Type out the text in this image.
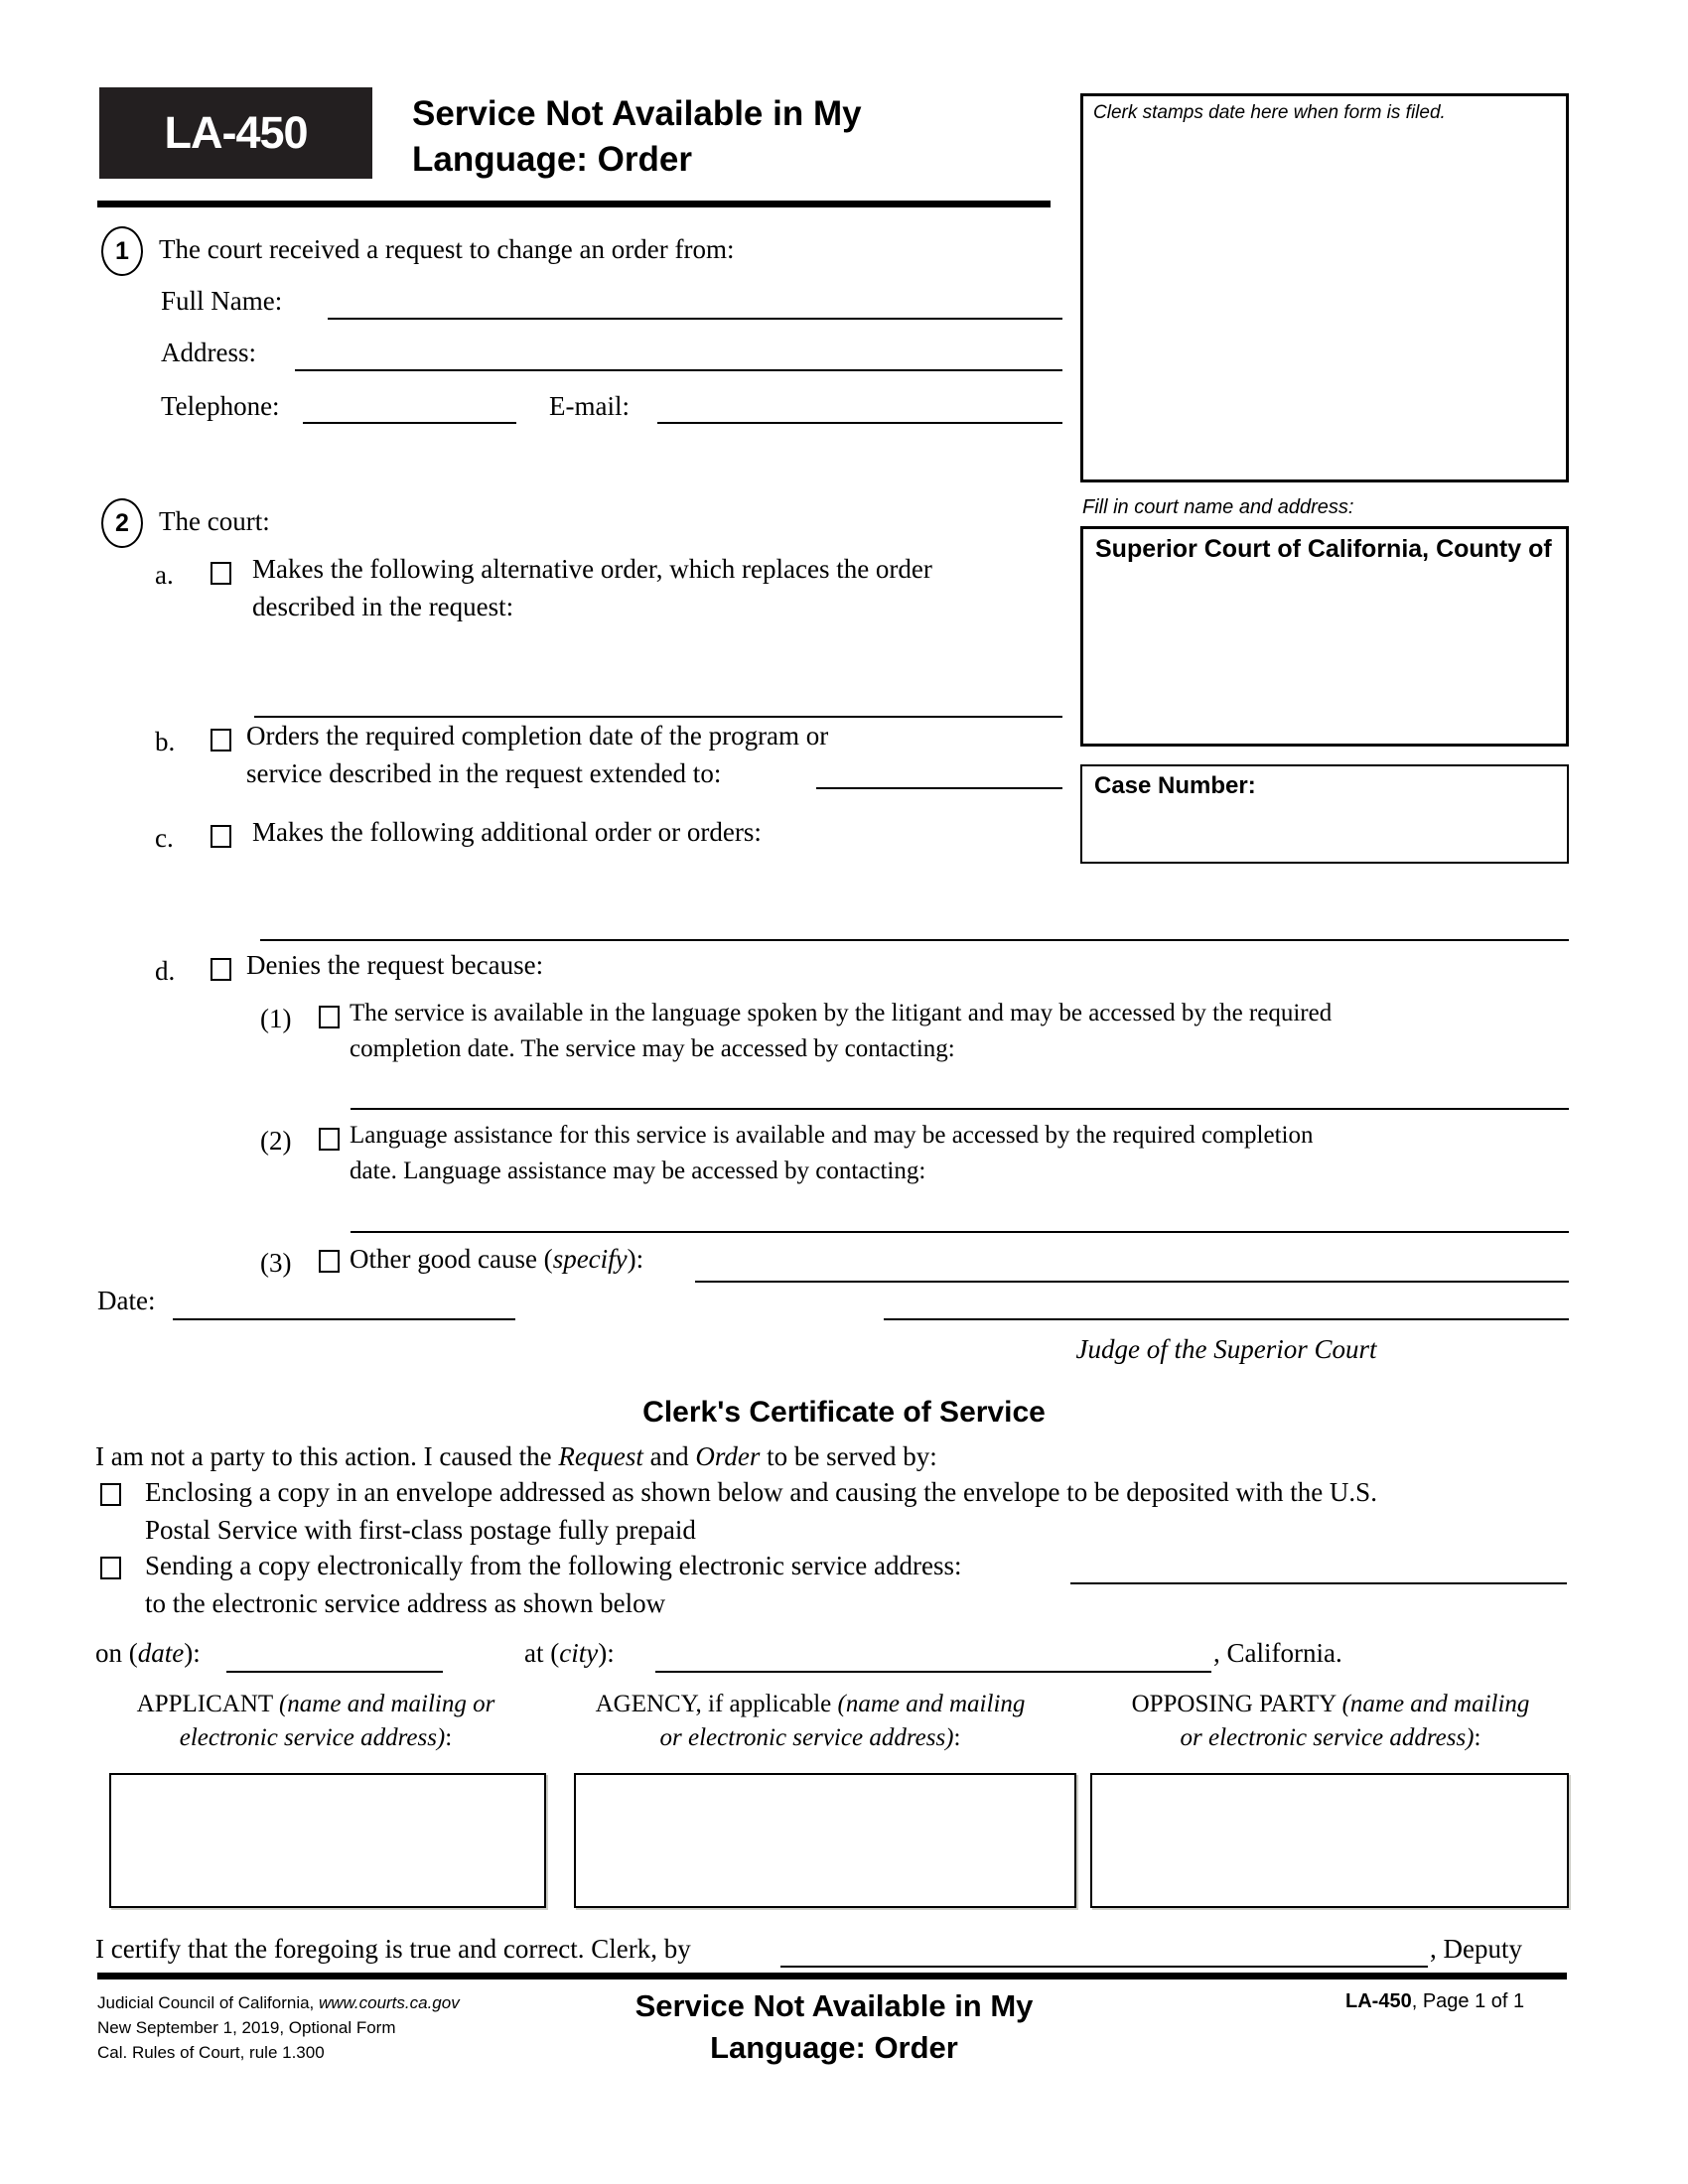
LA-450	Service Not Available in My
Language: Order
Clerk stamps date here when form is filed.
Fill in court name and address:
Superior Court of California, County of
Case Number:
1 The court received a request to change an order from:
Full Name:
Address:
Telephone:	E-mail:
2 The court:
a.	Makes the following alternative order, which replaces the order
described in the request:
b.	Orders the required completion date of the program or
service described in the request extended to:
c.	Makes the following additional order or orders:
d.	Denies the request because:
(1) The service is available in the language spoken by the litigant and may be accessed by the required
completion date. The service may be accessed by contacting:
(2) Language assistance for this service is available and may be accessed by the required completion
date. Language assistance may be accessed by contacting:
(3) Other good cause (specify):
Date:
Judge of the Superior Court
Clerk's Certificate of Service
I am not a party to this action. I caused the Request and Order to be served by:
Enclosing a copy in an envelope addressed as shown below and causing the envelope to be deposited with the U.S.
Postal Service with first-class postage fully prepaid
Sending a copy electronically from the following electronic service address:
to the electronic service address as shown below
on (date):	at (city):	, California.
APPLICANT (name and mailing or
electronic service address):
AGENCY, if applicable (name and mailing
or electronic service address):
OPPOSING PARTY (name and mailing
or electronic service address):
I certify that the foregoing is true and correct. Clerk, by	, Deputy
Judicial Council of California, www.courts.ca.gov
New September 1, 2019, Optional Form
Cal. Rules of Court, rule 1.300
Service Not Available in My
Language: Order
LA-450, Page 1 of 1
